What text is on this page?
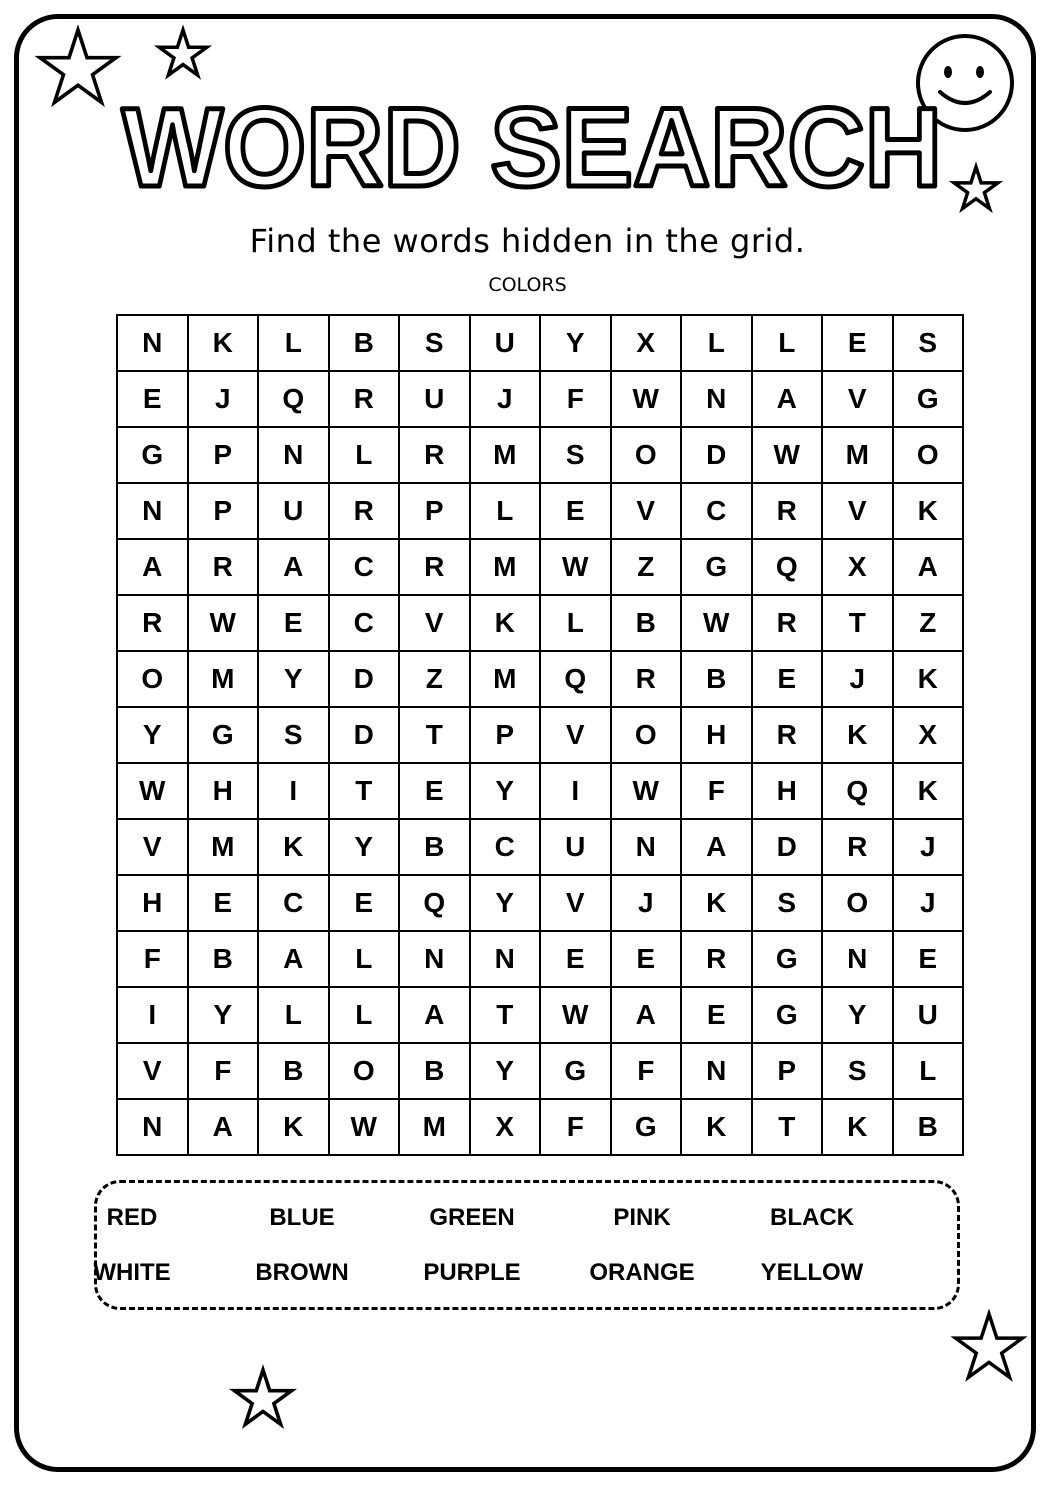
WORD SEARCH
Find the words hidden in the grid.
COLORS
N	K	L	B	S	U	Y	X	L	L	E	S
E	J	Q	R	U	J	F	W	N	A	V	G
G	P	N	L	R	M	S	O	D	W	M	O
N	P	U	R	P	L	E	V	C	R	V	K
A	R	A	C	R	M	W	Z	G	Q	X	A
R	W	E	C	V	K	L	B	W	R	T	Z
O	M	Y	D	Z	M	Q	R	B	E	J	K
Y	G	S	D	T	P	V	O	H	R	K	X
W	H	I	T	E	Y	I	W	F	H	Q	K
V	M	K	Y	B	C	U	N	A	D	R	J
H	E	C	E	Q	Y	V	J	K	S	O	J
F	B	A	L	N	N	E	E	R	G	N	E
I	Y	L	L	A	T	W	A	E	G	Y	U
V	F	B	O	B	Y	G	F	N	P	S	L
N	A	K	W	M	X	F	G	K	T	K	B
RED	BLUE	GREEN	PINK	BLACK
WHITE	BROWN	PURPLE	ORANGE	YELLOW
